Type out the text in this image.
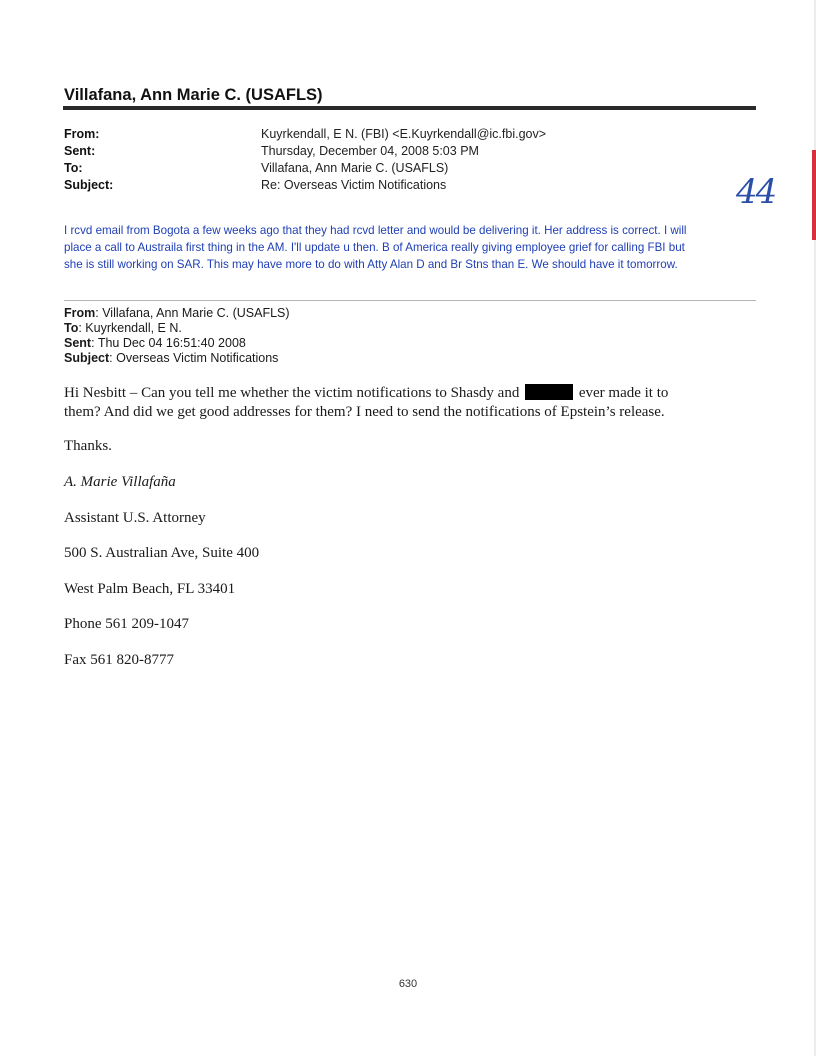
Villafana, Ann Marie C. (USAFLS)
From:	Kuyrkendall, E N. (FBI) <E.Kuyrkendall@ic.fbi.gov>
Sent:	Thursday, December 04, 2008 5:03 PM
To:	Villafana, Ann Marie C. (USAFLS)
Subject:	Re: Overseas Victim Notifications	44
I rcvd email from Bogota a few weeks ago that they had rcvd letter and would be delivering it. Her address is correct. I will
place a call to Austraila first thing in the AM. I'll update u then. B of America really giving employee grief for calling FBI but
she is still working on SAR. This may have more to do with Atty Alan D and Br Stns than E. We should have it tomorrow.
From: Villafana, Ann Marie C. (USAFLS)
To: Kuyrkendall, E N.
Sent: Thu Dec 04 16:51:40 2008
Subject: Overseas Victim Notifications
Hi Nesbitt – Can you tell me whether the victim notifications to Shasdy and	ever made it to
them? And did we get good addresses for them? I need to send the notifications of Epstein’s release.
Thanks.
A. Marie Villafaña
Assistant U.S. Attorney
500 S. Australian Ave, Suite 400
West Palm Beach, FL 33401
Phone 561 209-1047
Fax 561 820-8777
630
